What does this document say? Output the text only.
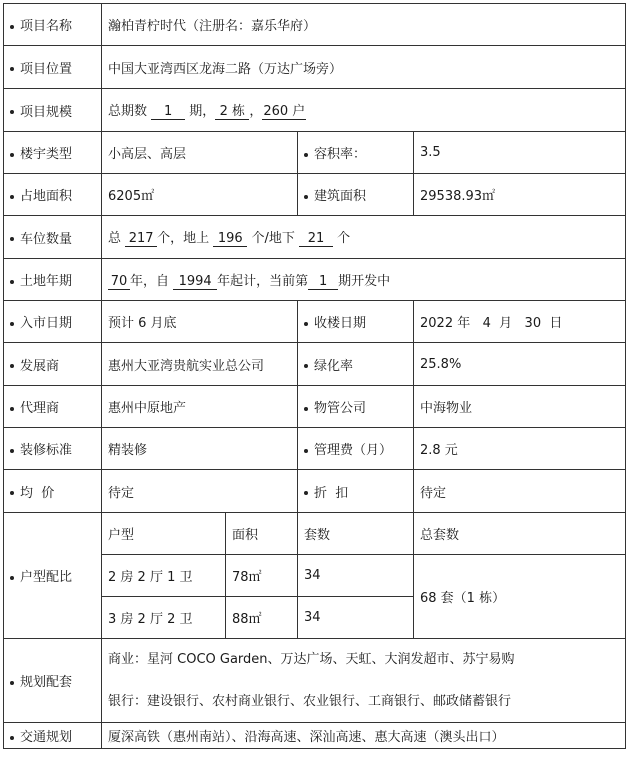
项目名称	瀚柏青柠时代（注册名：嘉乐华府）			
项目位置	中国大亚湾西区龙海二路（万达广场旁）			
项目规模	总期数 1 期， 2 栋 ，260 户			
楼宇类型	小高层、高层		容积率：	3.5
占地面积	6205㎡		建筑面积	29538.93㎡
车位数量	总 217 个，地上 196 个/地下 21 个			
土地年期	70 年，自 1994 年起计，当前第 1 期开发中			
入市日期	预计 6 月底		收楼日期	2022 年   4  月   30  日
发展商	惠州大亚湾贵航实业总公司		绿化率	25.8%
代理商	惠州中原地产		物管公司	中海物业
装修标准	精装修		管理费（月）	2.8 元
均  价	待定		折  扣	待定
户型配比	户型	面积	套数	总套数
	2 房 2 厅 1 卫	78㎡	34	68 套（1 栋）
	3 房 2 厅 2 卫	88㎡	34	
规划配套	商业：星河 COCO Garden、万达广场、天虹、大润发超市、苏宁易购
银行：建设银行、农村商业银行、农业银行、工商银行、邮政储蓄银行			

交通规划	厦深高铁（惠州南站）、沿海高速、深汕高速、惠大高速（澳头出口）			
